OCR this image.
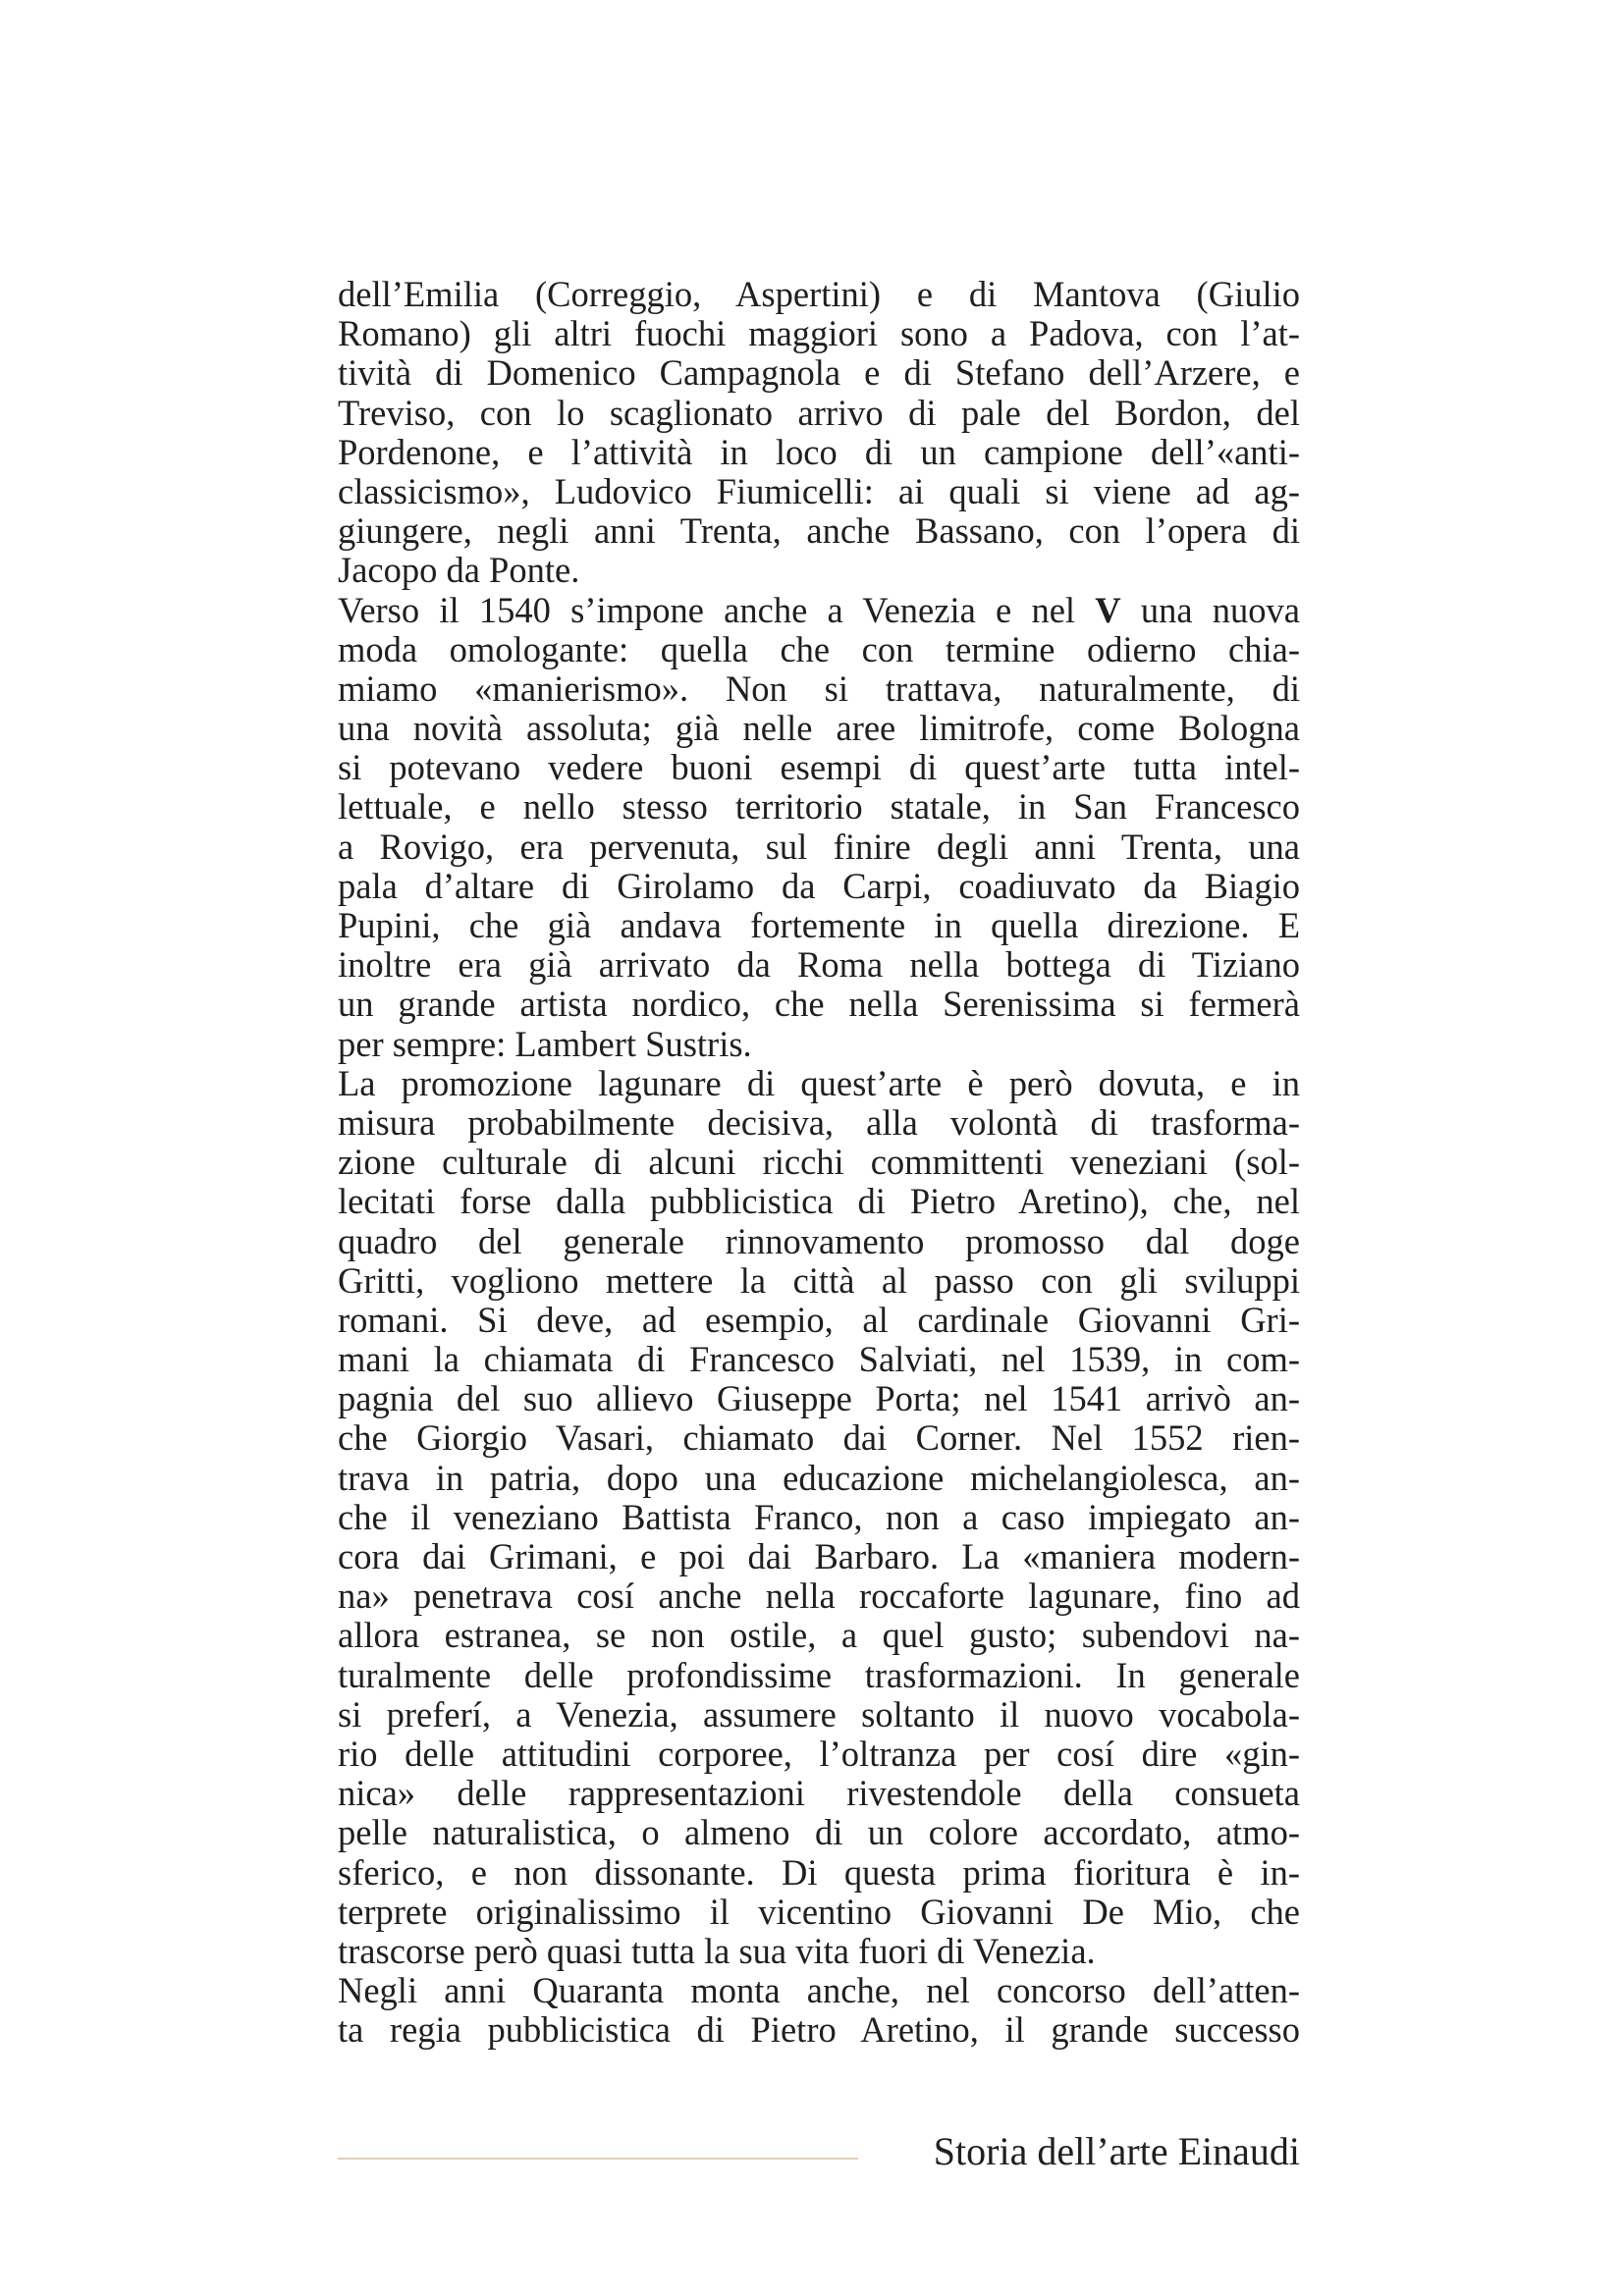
dell’Emilia (Correggio, Aspertini) e di Mantova (Giulio
Romano) gli altri fuochi maggiori sono a Padova, con l’at-
tività di Domenico Campagnola e di Stefano dell’Arzere, e
Treviso, con lo scaglionato arrivo di pale del Bordon, del
Pordenone, e l’attività in loco di un campione dell’«anti-
classicismo», Ludovico Fiumicelli: ai quali si viene ad ag-
giungere, negli anni Trenta, anche Bassano, con l’opera di
Jacopo da Ponte.
Verso il 1540 s’impone anche a Venezia e nel V una nuova
moda omologante: quella che con termine odierno chia-
miamo «manierismo». Non si trattava, naturalmente, di
una novità assoluta; già nelle aree limitrofe, come Bologna
si potevano vedere buoni esempi di quest’arte tutta intel-
lettuale, e nello stesso territorio statale, in San Francesco
a Rovigo, era pervenuta, sul finire degli anni Trenta, una
pala d’altare di Girolamo da Carpi, coadiuvato da Biagio
Pupini, che già andava fortemente in quella direzione. E
inoltre era già arrivato da Roma nella bottega di Tiziano
un grande artista nordico, che nella Serenissima si fermerà
per sempre: Lambert Sustris.
La promozione lagunare di quest’arte è però dovuta, e in
misura probabilmente decisiva, alla volontà di trasforma-
zione culturale di alcuni ricchi committenti veneziani (sol-
lecitati forse dalla pubblicistica di Pietro Aretino), che, nel
quadro del generale rinnovamento promosso dal doge
Gritti, vogliono mettere la città al passo con gli sviluppi
romani. Si deve, ad esempio, al cardinale Giovanni Gri-
mani la chiamata di Francesco Salviati, nel 1539, in com-
pagnia del suo allievo Giuseppe Porta; nel 1541 arrivò an-
che Giorgio Vasari, chiamato dai Corner. Nel 1552 rien-
trava in patria, dopo una educazione michelangiolesca, an-
che il veneziano Battista Franco, non a caso impiegato an-
cora dai Grimani, e poi dai Barbaro. La «maniera modern-
na» penetrava cosí anche nella roccaforte lagunare, fino ad
allora estranea, se non ostile, a quel gusto; subendovi na-
turalmente delle profondissime trasformazioni. In generale
si preferí, a Venezia, assumere soltanto il nuovo vocabola-
rio delle attitudini corporee, l’oltranza per cosí dire «gin-
nica» delle rappresentazioni rivestendole della consueta
pelle naturalistica, o almeno di un colore accordato, atmo-
sferico, e non dissonante. Di questa prima fioritura è in-
terprete originalissimo il vicentino Giovanni De Mio, che
trascorse però quasi tutta la sua vita fuori di Venezia.
Negli anni Quaranta monta anche, nel concorso dell’atten-
ta regia pubblicistica di Pietro Aretino, il grande successo
Storia dell’arte Einaudi
